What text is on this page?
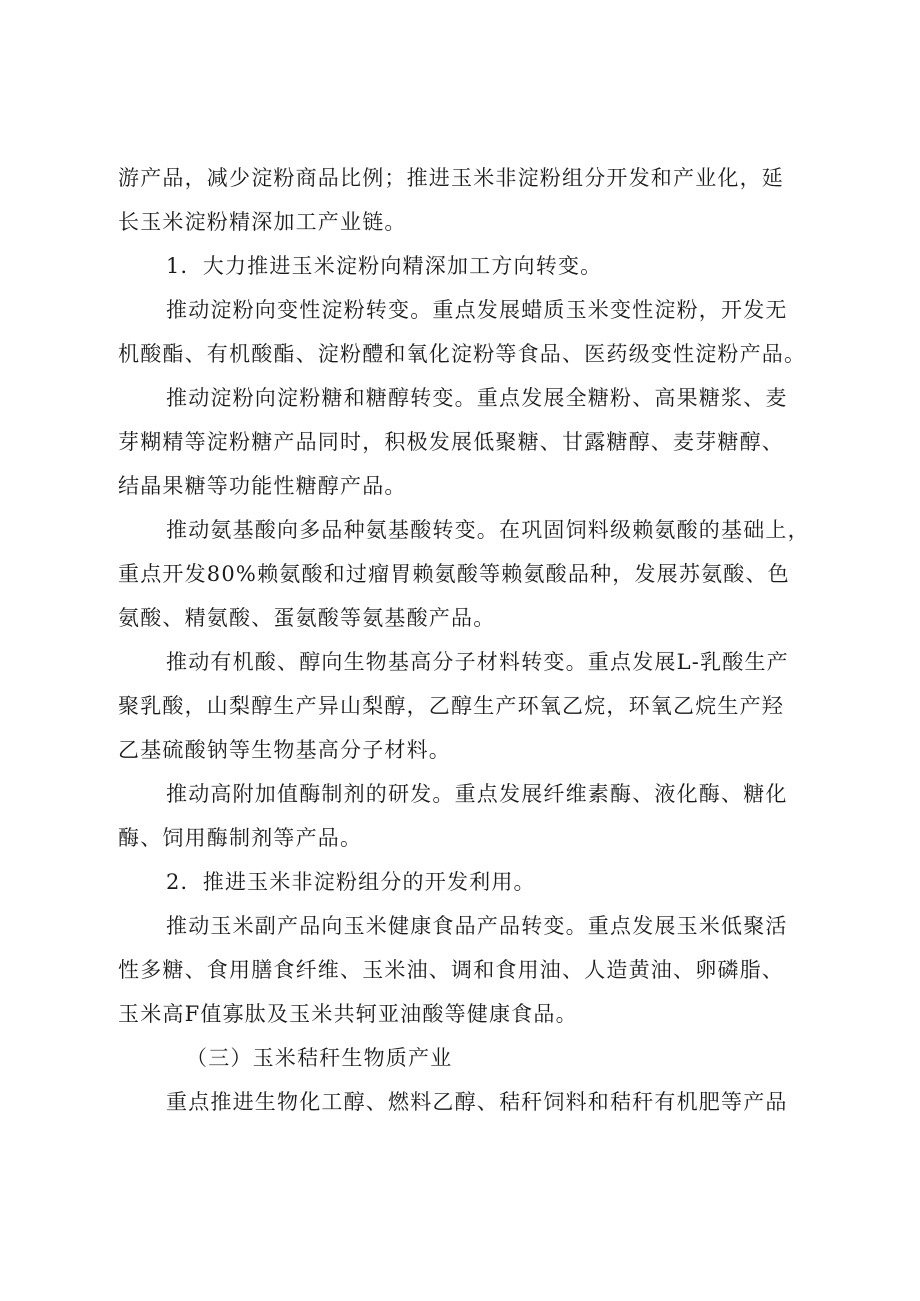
游产品，减少淀粉商品比例；推进玉米非淀粉组分开发和产业化，延

长玉米淀粉精深加工产业链。

1．大力推进玉米淀粉向精深加工方向转变。

推动淀粉向变性淀粉转变。重点发展蜡质玉米变性淀粉，开发无

机酸酯、有机酸酯、淀粉醴和氧化淀粉等食品、医药级变性淀粉产品。

推动淀粉向淀粉糖和糖醇转变。重点发展全糖粉、高果糖浆、麦

芽糊精等淀粉糖产品同时，积极发展低聚糖、甘露糖醇、麦芽糖醇、

结晶果糖等功能性糖醇产品。

推动氨基酸向多品种氨基酸转变。在巩固饲料级赖氨酸的基础上，

重点开发80%赖氨酸和过瘤胃赖氨酸等赖氨酸品种，发展苏氨酸、色

氨酸、精氨酸、蛋氨酸等氨基酸产品。

推动有机酸、醇向生物基高分子材料转变。重点发展L-乳酸生产

聚乳酸，山梨醇生产异山梨醇，乙醇生产环氧乙烷，环氧乙烷生产羟

乙基硫酸钠等生物基高分子材料。

推动高附加值酶制剂的研发。重点发展纤维素酶、液化酶、糖化

酶、饲用酶制剂等产品。

2．推进玉米非淀粉组分的开发利用。

推动玉米副产品向玉米健康食品产品转变。重点发展玉米低聚活

性多糖、食用膳食纤维、玉米油、调和食用油、人造黄油、卵磷脂、

玉米高F值寡肽及玉米共轲亚油酸等健康食品。

（三）玉米秸秆生物质产业

重点推进生物化工醇、燃料乙醇、秸秆饲料和秸秆有机肥等产品
